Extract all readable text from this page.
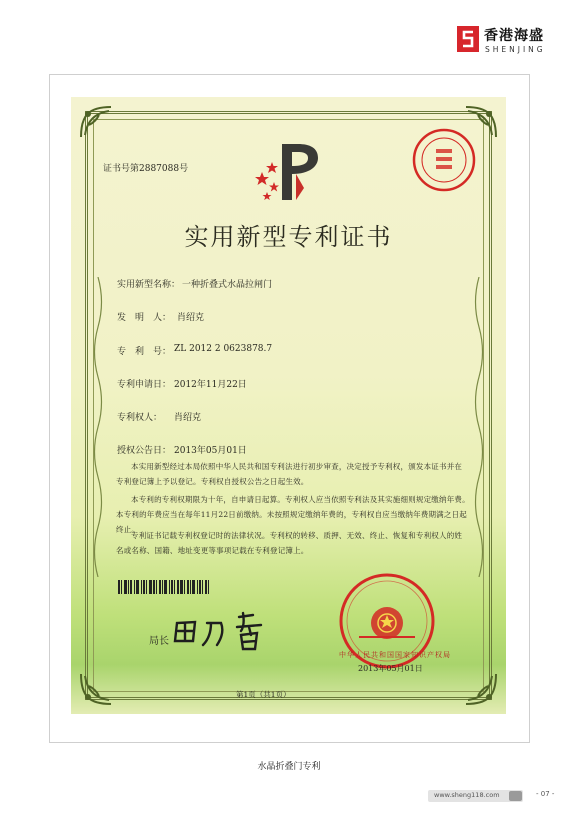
香港海盛
SHENJING
证书号第2887088号
实用新型专利证书
实用新型名称： 一种折叠式水晶拉闸门
发　明　人： 肖绍克
专　利　号： ZL 2012 2 0623878.7
专利申请日： 2012年11月22日
专利权人： 肖绍克
授权公告日： 2013年05月01日
本实用新型经过本局依照中华人民共和国专利法进行初步审查，决定授予专利权，颁发本证书并在专利登记簿上予以登记。专利权自授权公告之日起生效。
本专利的专利权期限为十年，自申请日起算。专利权人应当依照专利法及其实施细则规定缴纳年费。本专利的年费应当在每年11月22日前缴纳。未按照规定缴纳年费的，专利权自应当缴纳年费期满之日起终止。
专利证书记载专利权登记时的法律状况。专利权的转移、质押、无效、终止、恢复和专利权人的姓名或名称、国籍、地址变更等事项记载在专利登记簿上。
局长
中华人民共和国国家知识产权局
2013年05月01日
第1页（共1页）
水晶折叠门专利
www.sheng118.com	- 07 -
